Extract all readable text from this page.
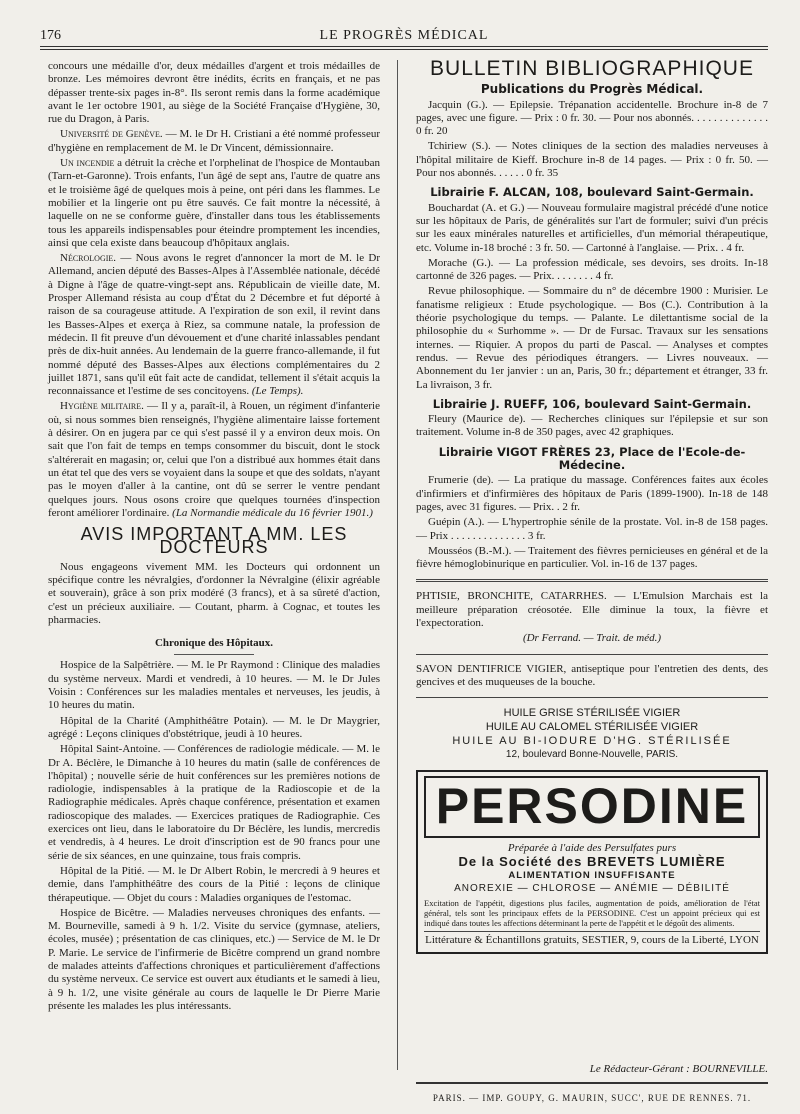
176	LE PROGRÈS MÉDICAL

concours une médaille d'or, deux médailles d'argent et trois médailles de bronze. Les mémoires devront être inédits, écrits en français, et ne pas dépasser trente-six pages in-8°. Ils seront remis dans la forme académique avant le 1er octobre 1901, au siège de la Société Française d'Hygiène, 30, rue du Dragon, à Paris.

Université de Genève. — M. le Dr H. Cristiani a été nommé professeur d'hygiène en remplacement de M. le Dr Vincent, démissionnaire.

Un incendie a détruit la crèche et l'orphelinat de l'hospice de Montauban (Tarn-et-Garonne). Trois enfants, l'un âgé de sept ans, l'autre de quatre ans et le troisième âgé de quelques mois à peine, ont péri dans les flammes. Le mobilier et la lingerie ont pu être sauvés. Ce fait montre la nécessité, à laquelle on ne se conforme guère, d'installer dans tous les établissements tous les appareils indispensables pour éteindre promptement les incendies, ainsi que cela existe dans beaucoup d'hôpitaux anglais.

Nécrologie. — Nous avons le regret d'annoncer la mort de M. le Dr Allemand, ancien député des Basses-Alpes à l'Assemblée nationale, décédé à Digne à l'âge de quatre-vingt-sept ans. Républicain de vieille date, M. Prosper Allemand résista au coup d'État du 2 Décembre et fut déporté à raison de sa courageuse attitude. A l'expiration de son exil, il revint dans les Basses-Alpes et exerça à Riez, sa commune natale, la profession de médecin. Il fit preuve d'un dévouement et d'une charité inlassables pendant près de dix-huit années. Au lendemain de la guerre franco-allemande, il fut nommé député des Basses-Alpes aux élections complémentaires du 2 juillet 1871, sans qu'il eût fait acte de candidat, tellement il s'était acquis la reconnaissance et l'estime de ses concitoyens. (Le Temps).

Hygiène militaire. — Il y a, paraît-il, à Rouen, un régiment d'infanterie où, si nous sommes bien renseignés, l'hygiène alimentaire laisse fortement à désirer. On en jugera par ce qui s'est passé il y a environ deux mois. On sait que l'on fait de temps en temps consommer du biscuit, dont le stock s'altérerait en magasin; or, celui que l'on a distribué aux hommes était dans un état tel que des vers se voyaient dans la soupe et que des soldats, n'ayant pas le moyen d'aller à la cantine, ont dû se serrer le ventre pendant quelques jours. Nous osons croire que quelques tournées d'inspection feront améliorer l'ordinaire. (La Normandie médicale du 16 février 1901.)

AVIS IMPORTANT A MM. LES DOCTEURS

Nous engageons vivement MM. les Docteurs qui ordonnent un spécifique contre les névralgies, d'ordonner la Névralgine (élixir agréable et souverain), grâce à son prix modéré (3 francs), et à sa sûreté d'action, c'est un précieux auxiliaire. — Coutant, pharm. à Cognac, et toutes les pharmacies.

Chronique des Hôpitaux.

Hospice de la Salpêtrière. — M. le Pr Raymond : Clinique des maladies du système nerveux. Mardi et vendredi, à 10 heures. — M. le Dr Jules Voisin : Conférences sur les maladies mentales et nerveuses, les jeudis, à 10 heures du matin.

Hôpital de la Charité (Amphithéâtre Potain). — M. le Dr Maygrier, agrégé : Leçons cliniques d'obstétrique, jeudi à 10 heures.

Hôpital Saint-Antoine. — Conférences de radiologie médicale. — M. le Dr A. Béclère, le Dimanche à 10 heures du matin (salle de conférences de l'hôpital) ; nouvelle série de huit conférences sur les premières notions de radiologie, indispensables à la pratique de la Radioscopie et de la Radiographie médicales. Après chaque conférence, présentation et examen radioscopique des malades. — Exercices pratiques de Radiographie. Ces exercices ont lieu, dans le laboratoire du Dr Béclère, les lundis, mercredis et vendredis, à 4 heures. Le droit d'inscription est de 90 francs pour une série de six séances, en une quinzaine, tous frais compris.

Hôpital de la Pitié. — M. le Dr Albert Robin, le mercredi à 9 heures et demie, dans l'amphithéâtre des cours de la Pitié : leçons de clinique thérapeutique. — Objet du cours : Maladies organiques de l'estomac.

Hospice de Bicêtre. — Maladies nerveuses chroniques des enfants. — M. Bourneville, samedi à 9 h. 1/2. Visite du service (gymnase, ateliers, écoles, musée) ; présentation de cas cliniques, etc.) — Service de M. le Dr P. Marie. Le service de l'infirmerie de Bicêtre comprend un grand nombre de malades atteints d'affections chroniques et particulièrement d'affections du système nerveux. Ce service est ouvert aux étudiants et le samedi à lieu, à 9 h. 1/2, une visite générale au cours de laquelle le Dr Pierre Marie présente les malades les plus intéressants.

BULLETIN BIBLIOGRAPHIQUE
Publications du Progrès Médical.

Jacquin (G.). — Epilepsie. Trépanation accidentelle. Brochure in-8 de 7 pages, avec une figure. — Prix : 0 fr. 30. — Pour nos abonnés. . . . . . . . . . . . . . 0 fr. 20

Tchiriew (S.). — Notes cliniques de la section des maladies nerveuses à l'hôpital militaire de Kieff. Brochure in-8 de 14 pages. — Prix : 0 fr. 50. — Pour nos abonnés. . . . . . 0 fr. 35

Librairie F. ALCAN, 108, boulevard Saint-Germain.

Bouchardat (A. et G.) — Nouveau formulaire magistral précédé d'une notice sur les hôpitaux de Paris, de généralités sur l'art de formuler; suivi d'un précis sur les eaux minérales naturelles et artificielles, d'un mémorial thérapeutique, etc. Volume in-18 broché : 3 fr. 50. — Cartonné à l'anglaise. — Prix. . 4 fr.

Morache (G.). — La profession médicale, ses devoirs, ses droits. In-18 cartonné de 326 pages. — Prix. . . . . . . . 4 fr.

Revue philosophique. — Sommaire du n° de décembre 1900 : Murisier. Le fanatisme religieux : Etude psychologique. — Bos (C.). Contribution à la théorie psychologique du temps. — Palante. Le dilettantisme social de la philosophie du « Surhomme ». — Dr de Fursac. Travaux sur les sensations internes. — Riquier. A propos du parti de Pascal. — Analyses et comptes rendus. — Revue des périodiques étrangers. — Livres nouveaux. — Abonnement du 1er janvier : un an, Paris, 30 fr.; département et étranger, 33 fr. La livraison, 3 fr.

Librairie J. RUEFF, 106, boulevard Saint-Germain.

Fleury (Maurice de). — Recherches cliniques sur l'épilepsie et sur son traitement. Volume in-8 de 350 pages, avec 42 graphiques.

Librairie VIGOT FRÈRES 23, Place de l'Ecole-de-Médecine.

Frumerie (de). — La pratique du massage. Conférences faites aux écoles d'infirmiers et d'infirmières des hôpitaux de Paris (1899-1900). In-18 de 148 pages, avec 31 figures. — Prix. . 2 fr.

Guépin (A.). — L'hypertrophie sénile de la prostate. Vol. in-8 de 158 pages. — Prix . . . . . . . . . . . . . . 3 fr.

Mousséos (B.-M.). — Traitement des fièvres pernicieuses en général et de la fièvre hémoglobinurique en particulier. Vol. in-16 de 137 pages.

PHTISIE, BRONCHITE, CATARRHES. — L'Emulsion Marchais est la meilleure préparation créosotée. Elle diminue la toux, la fièvre et l'expectoration.

(Dr Ferrand. — Trait. de méd.)

SAVON DENTIFRICE VIGIER, antiseptique pour l'entretien des dents, des gencives et des muqueuses de la bouche.

HUILE GRISE STÉRILISÉE VIGIER
HUILE AU CALOMEL STÉRILISÉE VIGIER
HUILE AU BI-IODURE D'HG. STÉRILISÉE
12, boulevard Bonne-Nouvelle, PARIS.
PERSODINE
Préparée à l'aide des Persulfates purs
De la Société des BREVETS LUMIÈRE
ALIMENTATION INSUFFISANTE
ANOREXIE — CHLOROSE — ANÉMIE — DÉBILITÉ
Excitation de l'appétit, digestions plus faciles, augmentation de poids, amélioration de l'état général, tels sont les principaux effets de la PERSODINE. C'est un appoint précieux qui est indiqué dans toutes les affections déterminant la perte de l'appétit et le dégoût des aliments.
Littérature & Échantillons gratuits, SESTIER, 9, cours de la Liberté, LYON
Le Rédacteur-Gérant : BOURNEVILLE.
PARIS. — IMP. GOUPY, G. MAURIN, SUCC', RUE DE RENNES. 71.
